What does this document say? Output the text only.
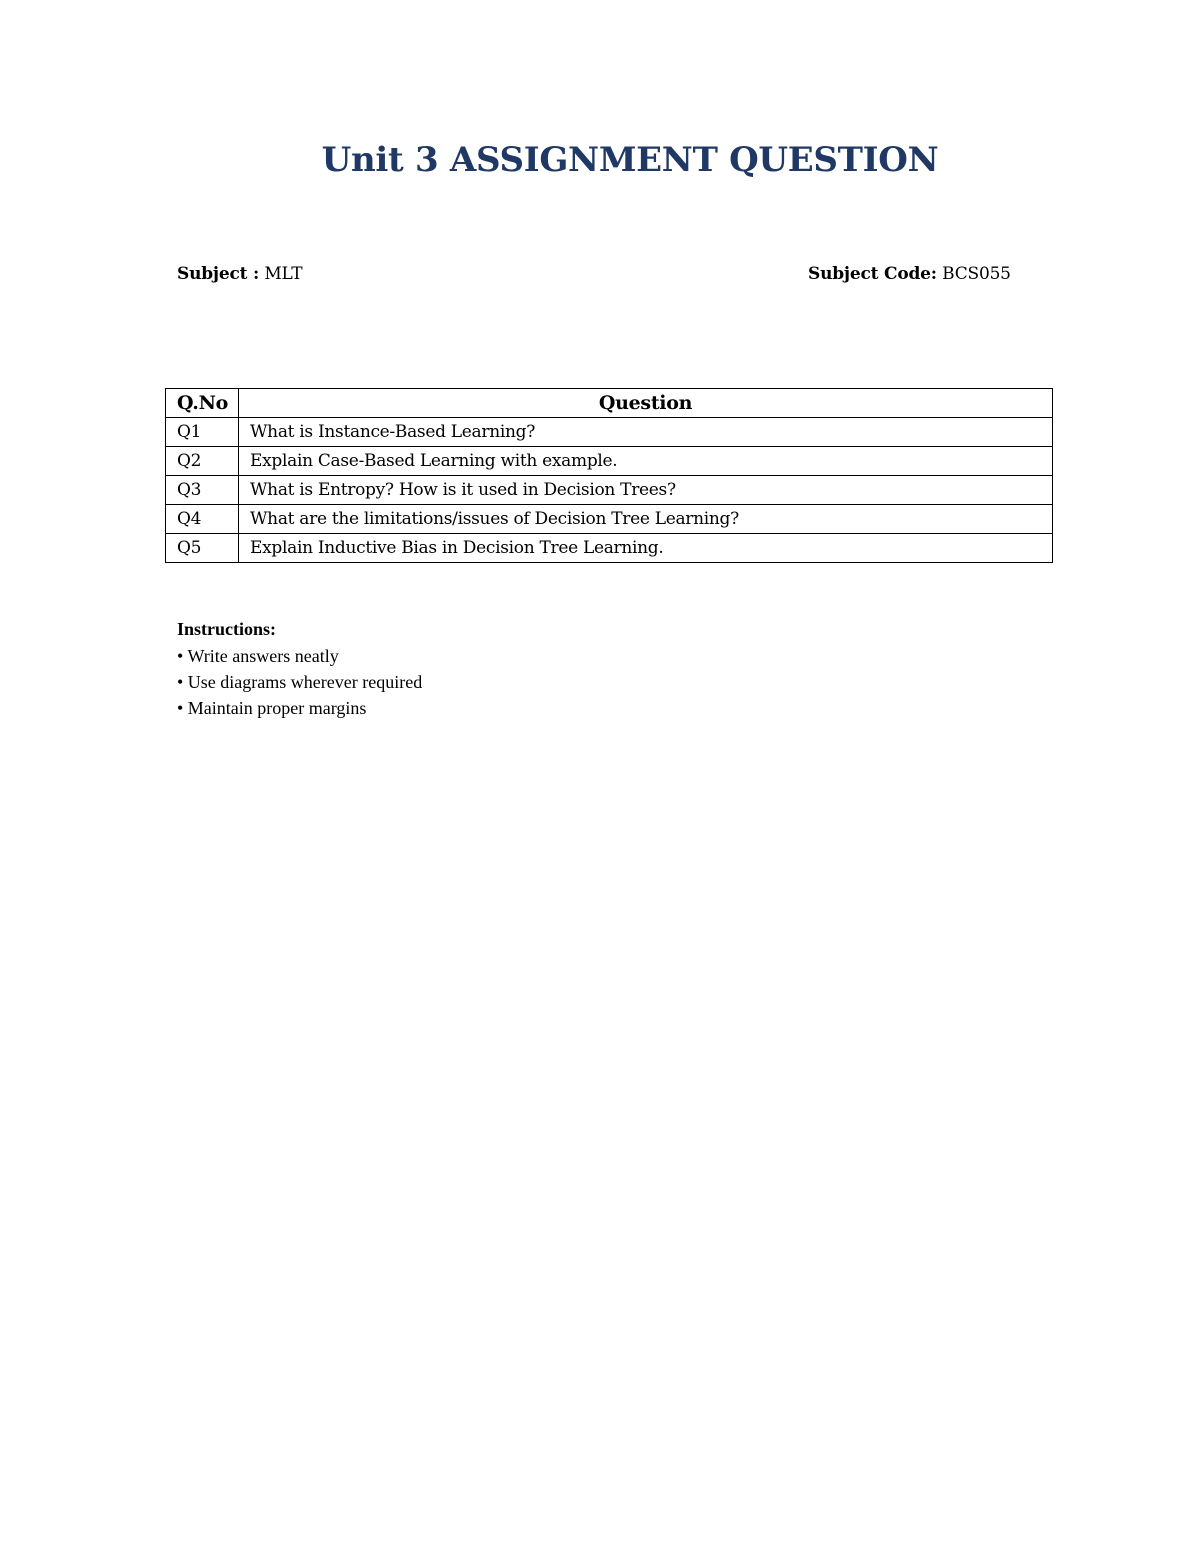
Unit 3 ASSIGNMENT QUESTION
Subject : MLT	Subject Code: BCS055
Q.No	Question
Q1	What is Instance-Based Learning?
Q2	Explain Case-Based Learning with example.
Q3	What is Entropy? How is it used in Decision Trees?
Q4	What are the limitations/issues of Decision Tree Learning?
Q5	Explain Inductive Bias in Decision Tree Learning.
Instructions:
• Write answers neatly
• Use diagrams wherever required
• Maintain proper margins
